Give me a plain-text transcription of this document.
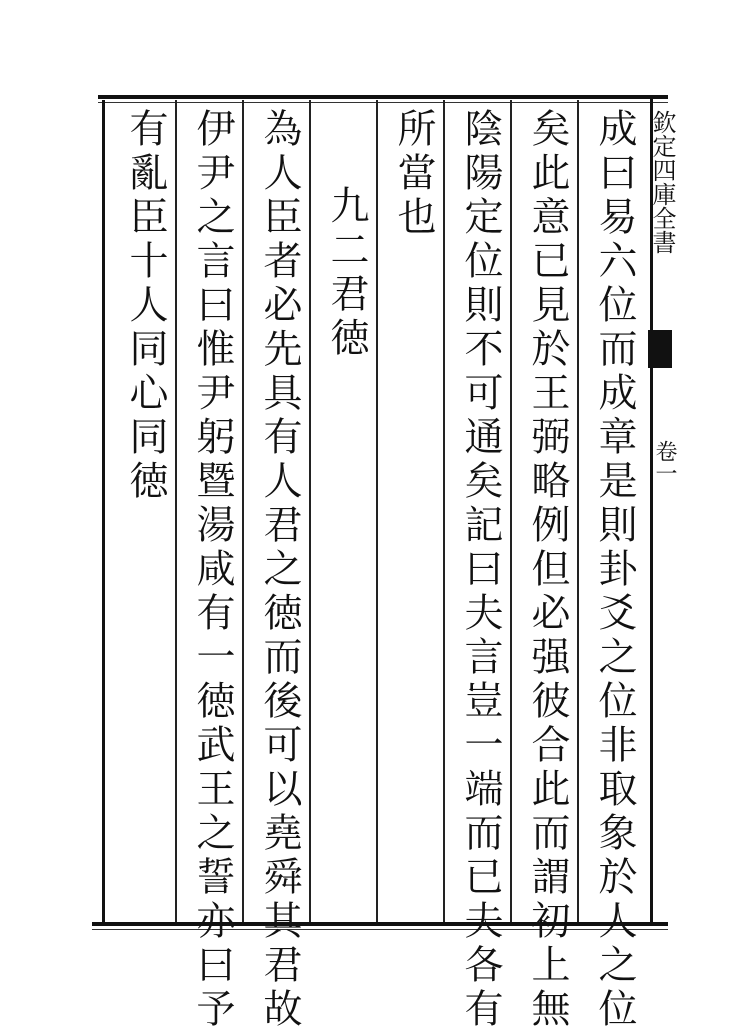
成曰易六位而成章是則卦爻之位非取象於人之位
矣此意已見於王弼略例但必强彼合此而謂初上無
陰陽定位則不可通矣記曰夫言豈一端而已夫各有
所當也
九二君徳
為人臣者必先具有人君之徳而後可以堯舜其君故
伊尹之言曰惟尹躬暨湯咸有一徳武王之誓亦曰予
有亂臣十人同心同徳	欽定四庫全書
卷一
